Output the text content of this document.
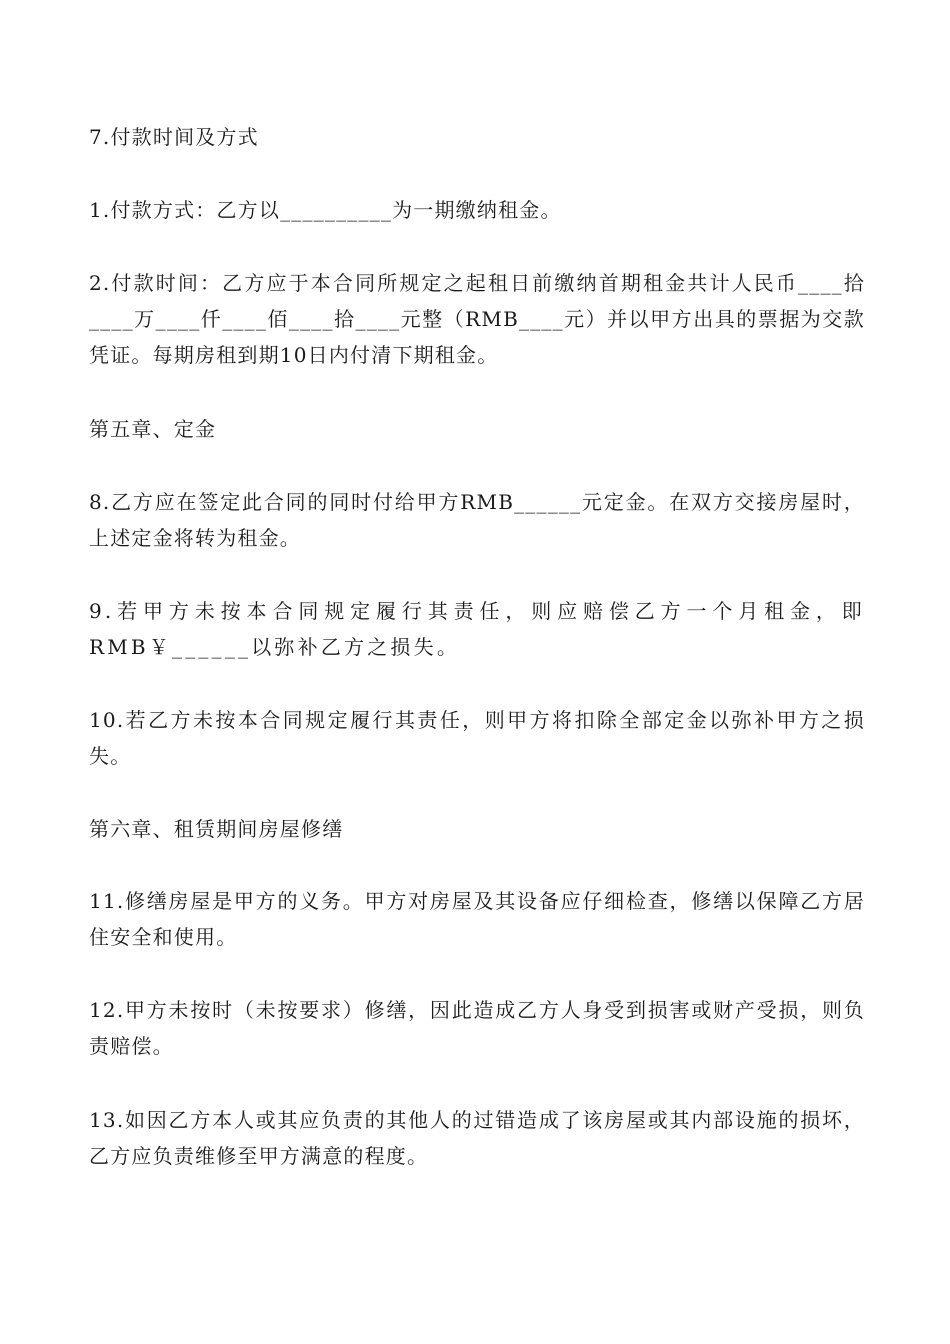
7.付款时间及方式
1.付款方式：乙方以__________为一期缴纳租金。
2.付款时间：乙方应于本合同所规定之起租日前缴纳首期租金共计人民币____拾____万____仟____佰____拾____元整（RMB____元）并以甲方出具的票据为交款凭证。每期房租到期10日内付清下期租金。
第五章、定金
8.乙方应在签定此合同的同时付给甲方RMB______元定金。在双方交接房屋时，上述定金将转为租金。
9.若甲方未按本合同规定履行其责任，则应赔偿乙方一个月租金，即RMB￥______以弥补乙方之损失。
10.若乙方未按本合同规定履行其责任，则甲方将扣除全部定金以弥补甲方之损失。
第六章、租赁期间房屋修缮
11.修缮房屋是甲方的义务。甲方对房屋及其设备应仔细检查，修缮以保障乙方居住安全和使用。
12.甲方未按时（未按要求）修缮，因此造成乙方人身受到损害或财产受损，则负责赔偿。
13.如因乙方本人或其应负责的其他人的过错造成了该房屋或其内部设施的损坏，乙方应负责维修至甲方满意的程度。
